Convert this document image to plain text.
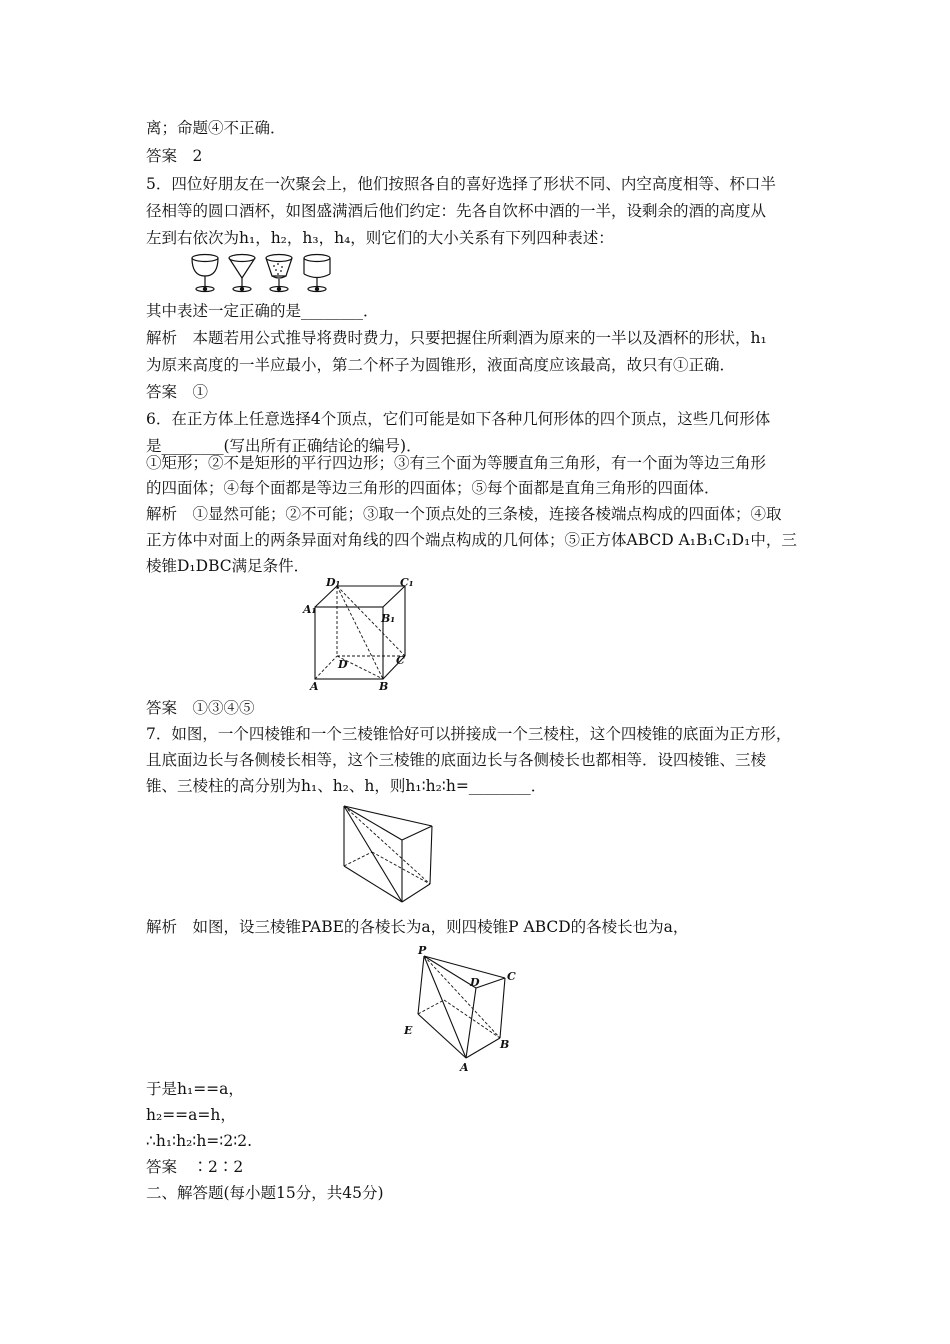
离；命题④不正确．
答案　2
5．四位好朋友在一次聚会上，他们按照各自的喜好选择了形状不同、内空高度相等、杯口半
径相等的圆口酒杯，如图盛满酒后他们约定：先各自饮杯中酒的一半，设剩余的酒的高度从
左到右依次为h₁，h₂，h₃，h₄，则它们的大小关系有下列四种表述：
其中表述一定正确的是________．
解析　本题若用公式推导将费时费力，只要把握住所剩酒为原来的一半以及酒杯的形状，h₁
为原来高度的一半应最小，第二个杯子为圆锥形，液面高度应该最高，故只有①正确．
答案　①
6．在正方体上任意选择4个顶点，它们可能是如下各种几何形体的四个顶点，这些几何形体
是________(写出所有正确结论的编号)．
①矩形；②不是矩形的平行四边形；③有三个面为等腰直角三角形，有一个面为等边三角形
的四面体；④每个面都是等边三角形的四面体；⑤每个面都是直角三角形的四面体．
解析　①显然可能；②不可能；③取一个顶点处的三条棱，连接各棱端点构成的四面体；④取
正方体中对面上的两条异面对角线的四个端点构成的几何体；⑤正方体ABCD A₁B₁C₁D₁中，三
棱锥D₁DBC满足条件．
D₁	C₁
A₁
B₁
D	C
A	B
答案　①③④⑤
7．如图，一个四棱锥和一个三棱锥恰好可以拼接成一个三棱柱，这个四棱锥的底面为正方形，
且底面边长与各侧棱长相等，这个三棱锥的底面边长与各侧棱长也都相等．设四棱锥、三棱
锥、三棱柱的高分别为h₁、h₂、h，则h₁∶h₂∶h=________．
解析　如图，设三棱锥PABE的各棱长为a，则四棱锥P ABCD的各棱长也为a，
P
C
D
E
B
A
于是h₁==a，
h₂==a=h，
∴h₁∶h₂∶h=∶2∶2.
答案　∶2∶2
二、解答题(每小题15分，共45分)
